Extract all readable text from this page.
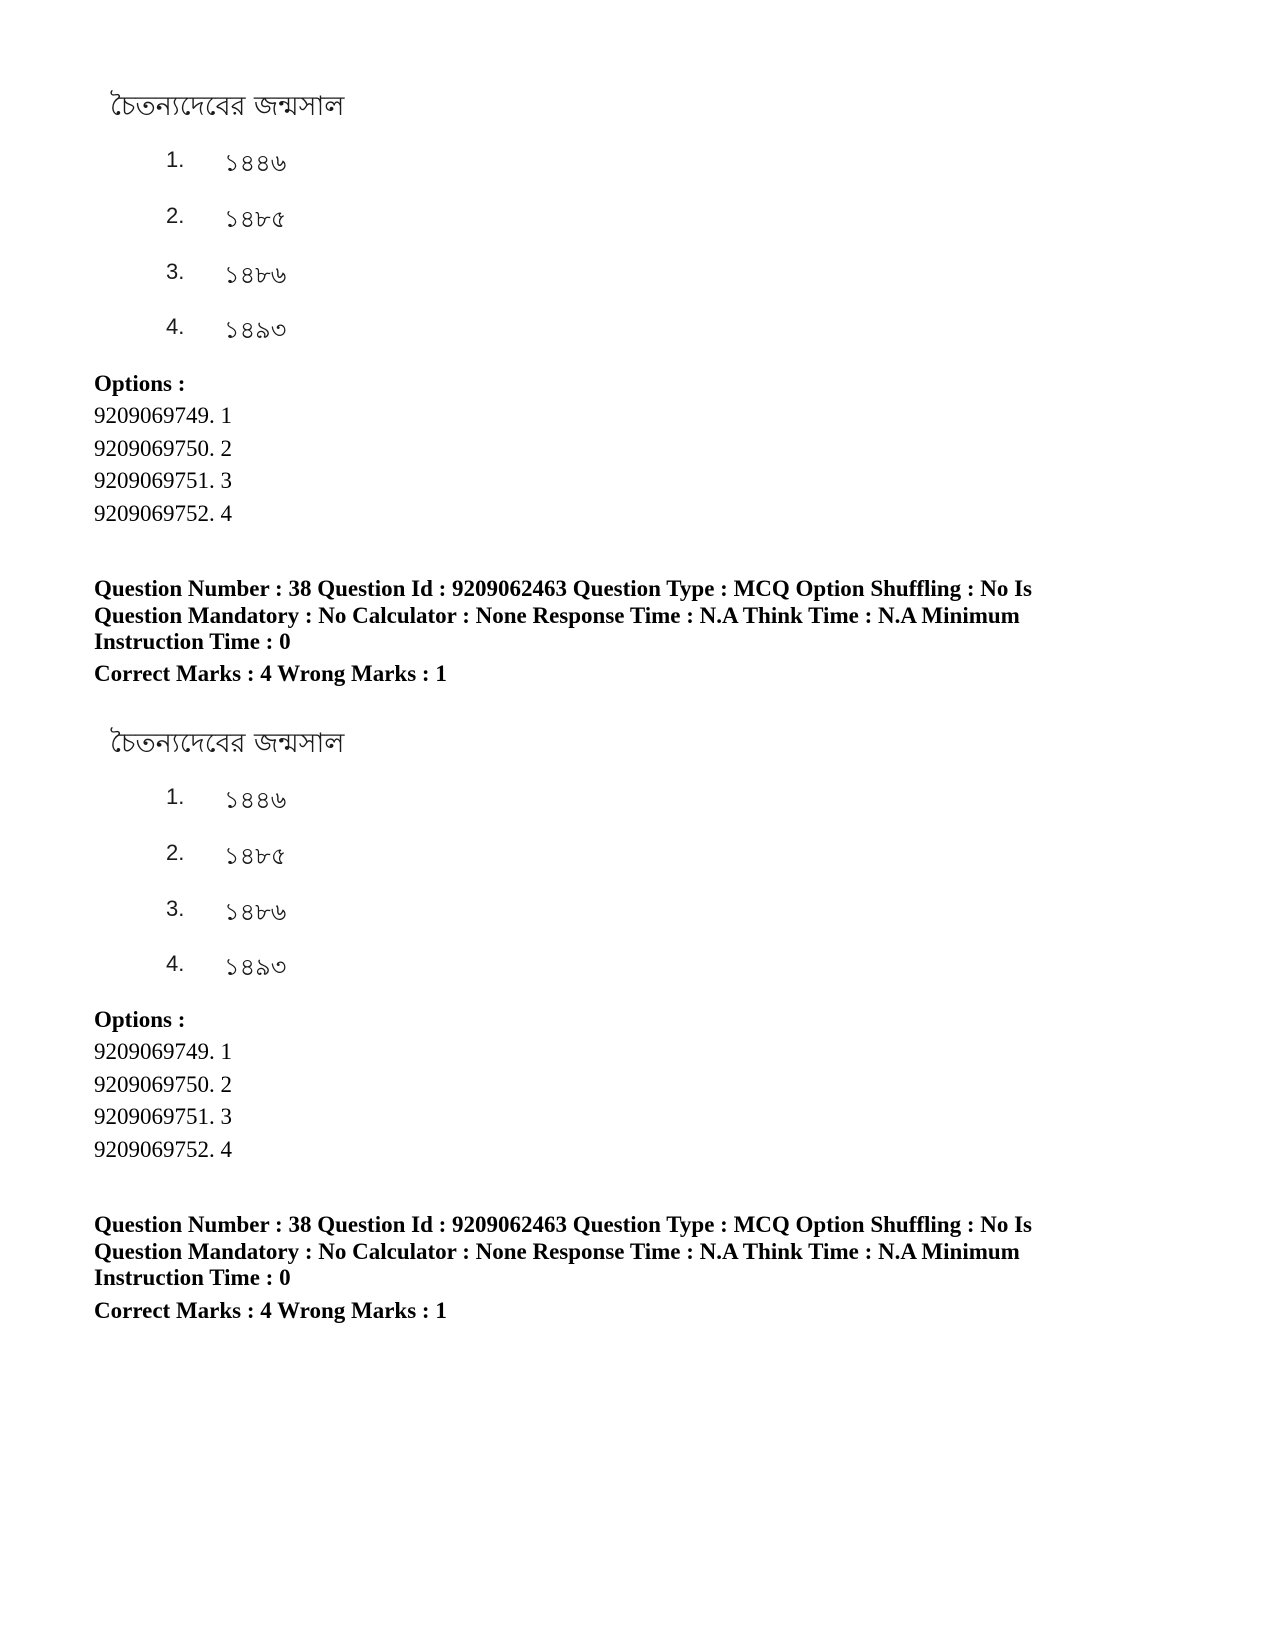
চৈতন্যদেবের জন্মসাল
1. ১৪৪৬
2. ১৪৮৫
3. ১৪৮৬
4. ১৪৯৩
Options :
9209069749. 1
9209069750. 2
9209069751. 3
9209069752. 4
Question Number : 38 Question Id : 9209062463 Question Type : MCQ Option Shuffling : No Is Question Mandatory : No Calculator : None Response Time : N.A Think Time : N.A Minimum Instruction Time : 0
Correct Marks : 4 Wrong Marks : 1
চৈতন্যদেবের জন্মসাল
1. ১৪৪৬
2. ১৪৮৫
3. ১৪৮৬
4. ১৪৯৩
Options :
9209069749. 1
9209069750. 2
9209069751. 3
9209069752. 4
Question Number : 38 Question Id : 9209062463 Question Type : MCQ Option Shuffling : No Is Question Mandatory : No Calculator : None Response Time : N.A Think Time : N.A Minimum Instruction Time : 0
Correct Marks : 4 Wrong Marks : 1
